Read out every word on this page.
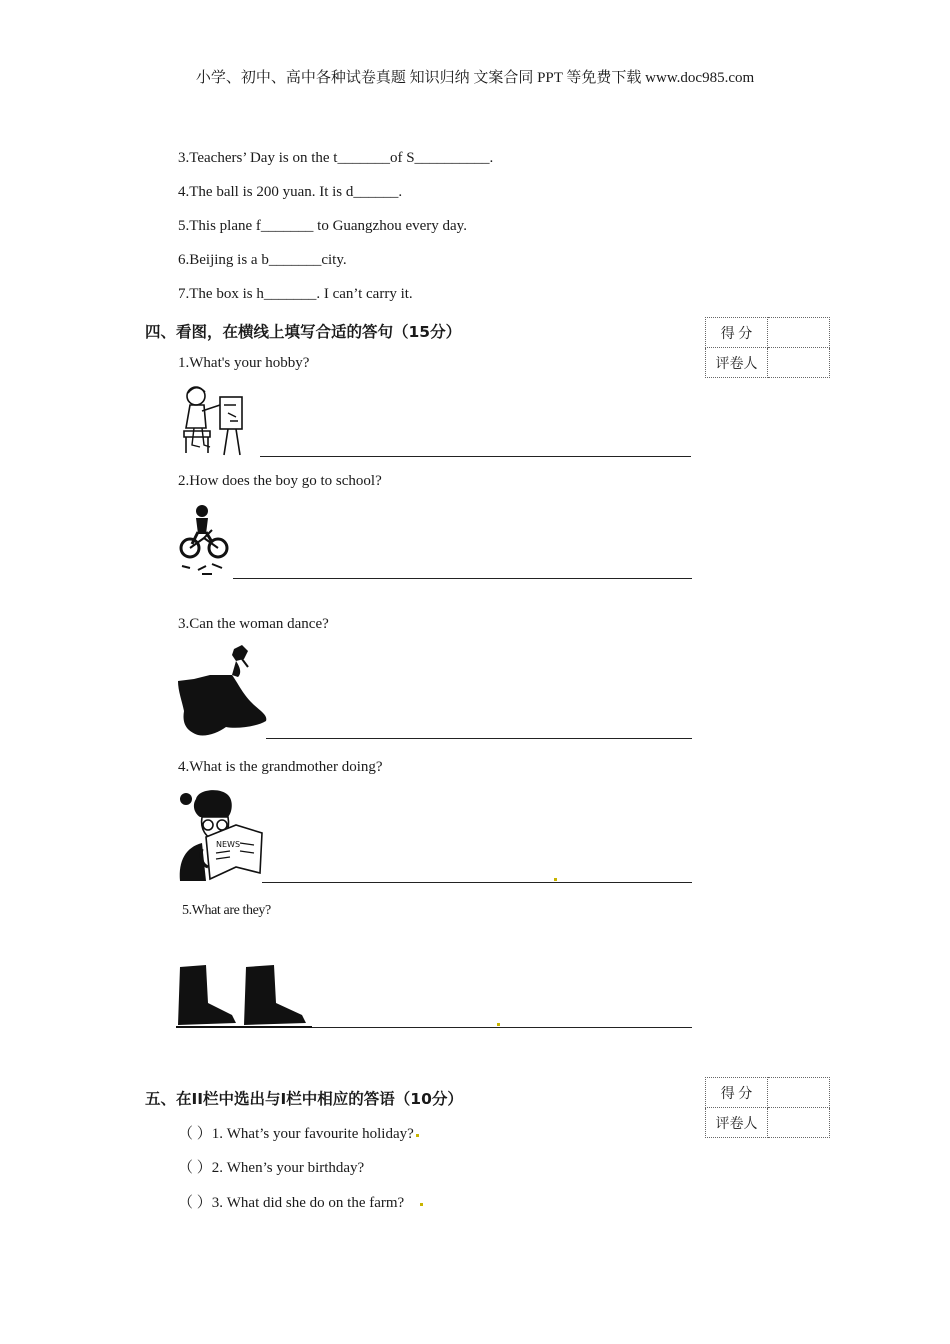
小学、初中、高中各种试卷真题 知识归纳 文案合同 PPT 等免费下载 www.doc985.com
3.Teachers’ Day is on the t_______of S__________.
4.The ball is 200 yuan. It is d______.
5.This plane f_______ to Guangzhou every day.
6.Beijing is a b_______city.
7.The box is h_______. I can’t carry it.
四、看图，在横线上填写合适的答句（15分）	得 分	
评卷人	
1.What's your hobby?
2.How does the boy go to school?
3.Can the woman dance?
4.What is the grandmother doing?
NEWS
5.What are they?
五、在II栏中选出与I栏中相应的答语（10分）	得 分	
评卷人	
（ ）1. What’s your favourite holiday?
（ ）2. When’s your birthday?
（ ）3. What did she do on the farm?
